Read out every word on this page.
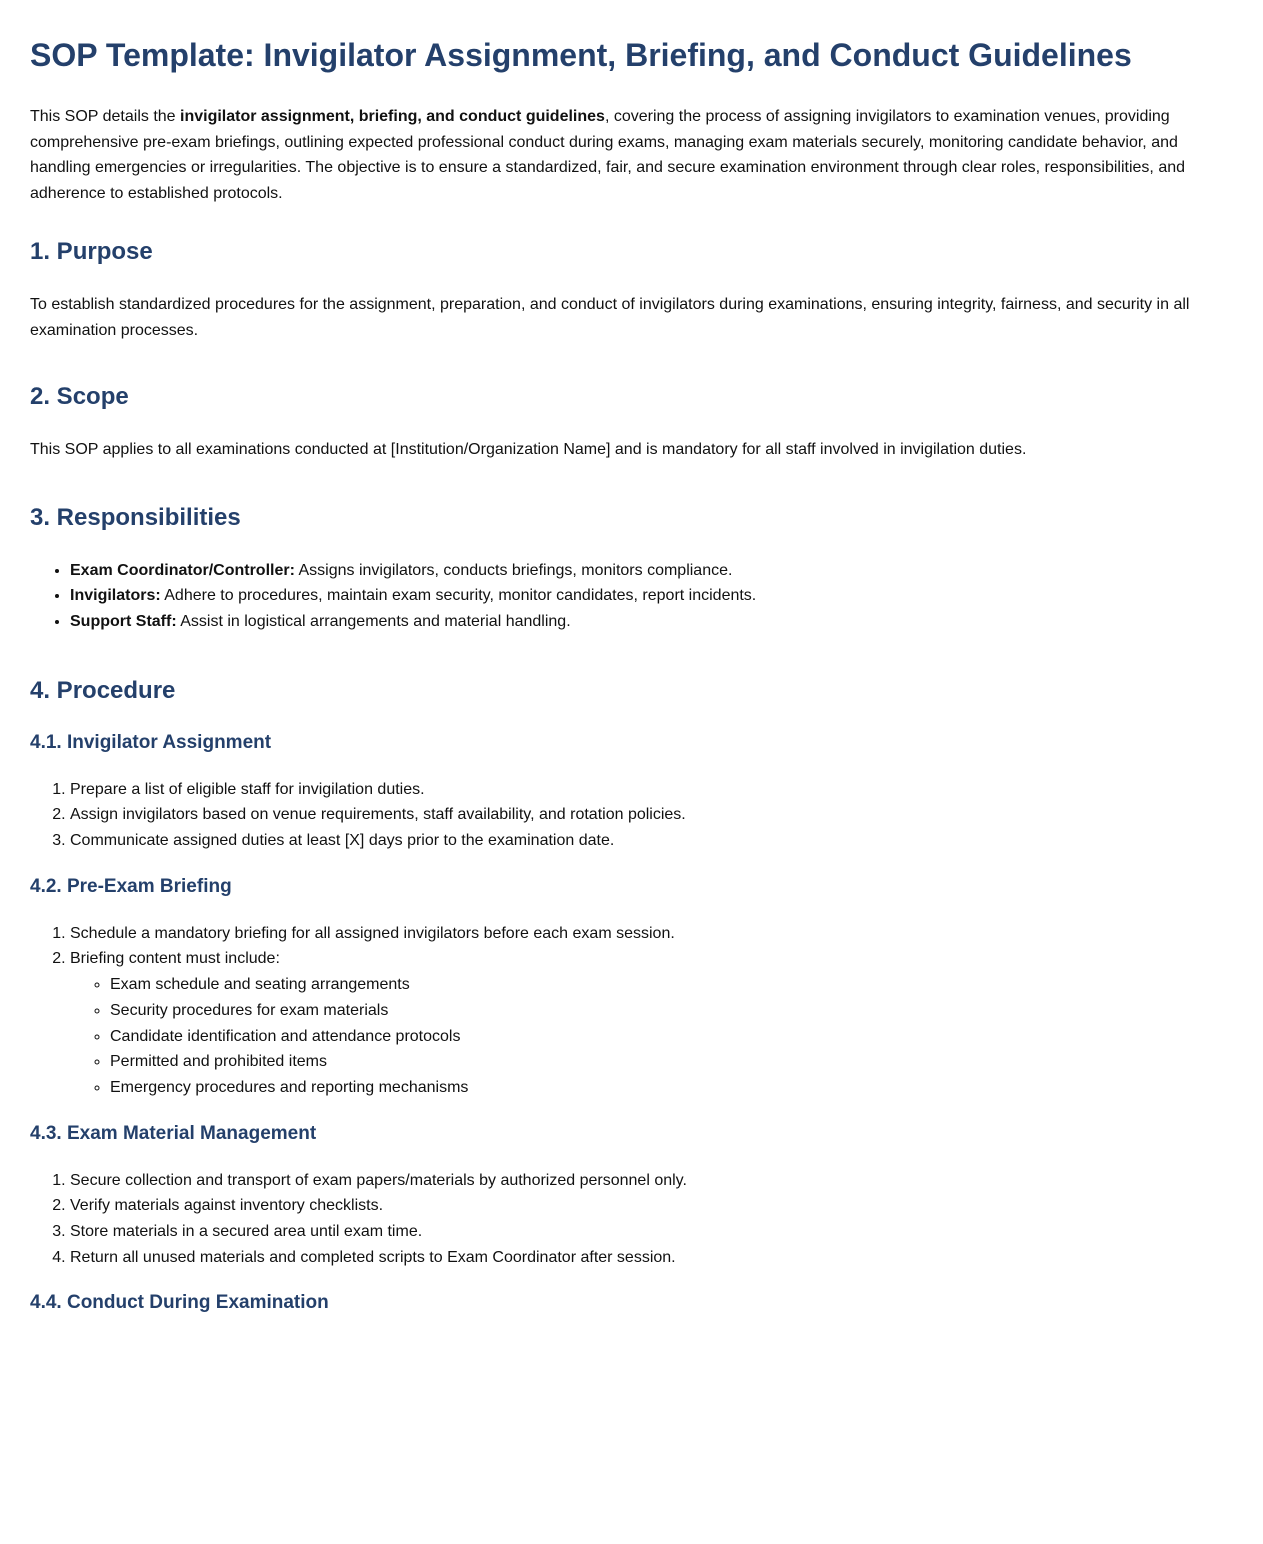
SOP Template: Invigilator Assignment, Briefing, and Conduct Guidelines

This SOP details the invigilator assignment, briefing, and conduct guidelines, covering the process of assigning invigilators to examination venues, providing comprehensive pre-exam briefings, outlining expected professional conduct during exams, managing exam materials securely, monitoring candidate behavior, and handling emergencies or irregularities. The objective is to ensure a standardized, fair, and secure examination environment through clear roles, responsibilities, and adherence to established protocols.

1. Purpose

To establish standardized procedures for the assignment, preparation, and conduct of invigilators during examinations, ensuring integrity, fairness, and security in all examination processes.

2. Scope

This SOP applies to all examinations conducted at [Institution/Organization Name] and is mandatory for all staff involved in invigilation duties.

3. Responsibilities
• Exam Coordinator/Controller: Assigns invigilators, conducts briefings, monitors compliance.
• Invigilators: Adhere to procedures, maintain exam security, monitor candidates, report incidents.
• Support Staff: Assist in logistical arrangements and material handling.
4. Procedure
4.1. Invigilator Assignment
1. Prepare a list of eligible staff for invigilation duties.
2. Assign invigilators based on venue requirements, staff availability, and rotation policies.
3. Communicate assigned duties at least [X] days prior to the examination date.
4.2. Pre-Exam Briefing
1. Schedule a mandatory briefing for all assigned invigilators before each exam session.
2. Briefing content must include:
◦ Exam schedule and seating arrangements
◦ Security procedures for exam materials
◦ Candidate identification and attendance protocols
◦ Permitted and prohibited items
◦ Emergency procedures and reporting mechanisms
4.3. Exam Material Management
1. Secure collection and transport of exam papers/materials by authorized personnel only.
2. Verify materials against inventory checklists.
3. Store materials in a secured area until exam time.
4. Return all unused materials and completed scripts to Exam Coordinator after session.
4.4. Conduct During Examination
